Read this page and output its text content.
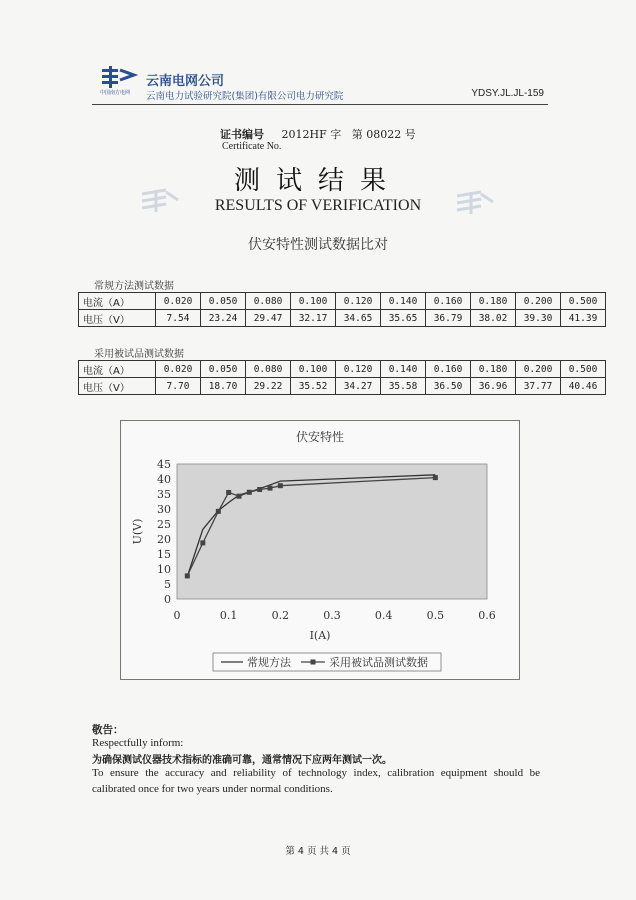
中国南方电网
云南电网公司
云南电力试验研究院(集团)有限公司电力研究院	YDSY.JL.JL-159
证书编号 2012HF 字 第 08022 号
Certificate No.
测试结果
RESULTS OF VERIFICATION
伏安特性测试数据比对
常规方法测试数据
电流（A）	0.020	0.050	0.080	0.100	0.120	0.140	0.160	0.180	0.200	0.500
电压（V）	7.54	23.24	29.47	32.17	34.65	35.65	36.79	38.02	39.30	41.39
采用被试品测试数据
电流（A）	0.020	0.050	0.080	0.100	0.120	0.140	0.160	0.180	0.200	0.500
电压（V）	7.70	18.70	29.22	35.52	34.27	35.58	36.50	36.96	37.77	40.46
伏安特性
0
5
10
15
20
25
30
35
40
45
0	0.1	0.2	0.3	0.4	0.5	0.6
I(A)
U(V)
常规方法	采用被试品测试数据
敬告：
Respectfully inform:
为确保测试仪器技术指标的准确可靠，通常情况下应两年测试一次。
To ensure the accuracy and reliability of technology index, calibration equipment should be calibrated once for two years under normal conditions.
第 4 页 共 4 页
